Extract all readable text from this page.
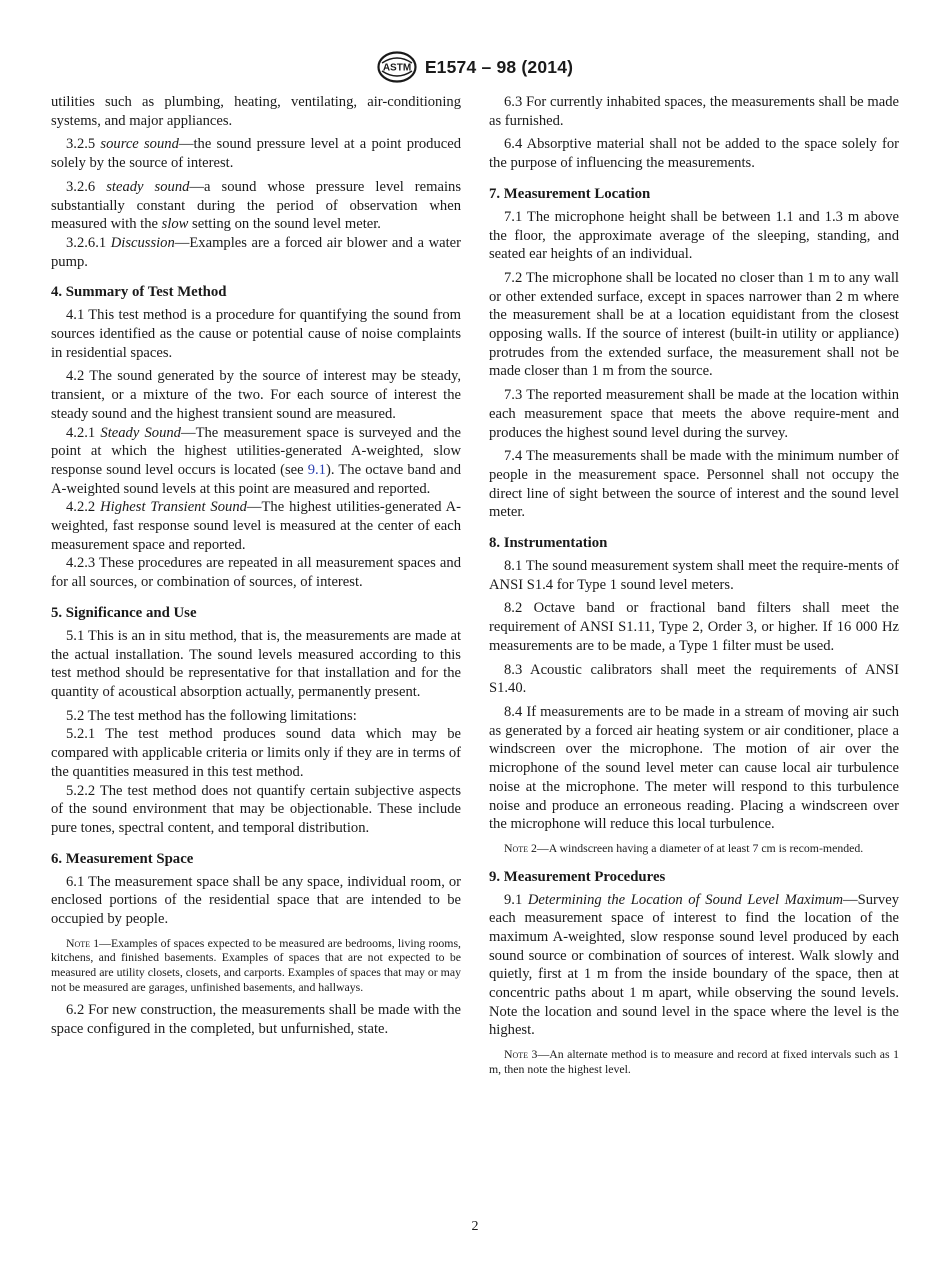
ASTM E1574 – 98 (2014)

utilities such as plumbing, heating, ventilating, air-conditioning systems, and major appliances.

3.2.5 source sound—the sound pressure level at a point produced solely by the source of interest.

3.2.6 steady sound—a sound whose pressure level remains substantially constant during the period of observation when measured with the slow setting on the sound level meter.

3.2.6.1 Discussion—Examples are a forced air blower and a water pump.

4. Summary of Test Method

4.1 This test method is a procedure for quantifying the sound from sources identified as the cause or potential cause of noise complaints in residential spaces.

4.2 The sound generated by the source of interest may be steady, transient, or a mixture of the two. For each source of interest the steady sound and the highest transient sound are measured.

4.2.1 Steady Sound—The measurement space is surveyed and the point at which the highest utilities-generated A-weighted, slow response sound level occurs is located (see 9.1). The octave band and A-weighted sound levels at this point are measured and reported.

4.2.2 Highest Transient Sound—The highest utilities-generated A-weighted, fast response sound level is measured at the center of each measurement space and reported.

4.2.3 These procedures are repeated in all measurement spaces and for all sources, or combination of sources, of interest.

5. Significance and Use

5.1 This is an in situ method, that is, the measurements are made at the actual installation. The sound levels measured according to this test method should be representative for that installation and for the quantity of acoustical absorption actually, permanently present.

5.2 The test method has the following limitations:

5.2.1 The test method produces sound data which may be compared with applicable criteria or limits only if they are in terms of the quantities measured in this test method.

5.2.2 The test method does not quantify certain subjective aspects of the sound environment that may be objectionable. These include pure tones, spectral content, and temporal distribution.

6. Measurement Space

6.1 The measurement space shall be any space, individual room, or enclosed portions of the residential space that are intended to be occupied by people.

Note 1—Examples of spaces expected to be measured are bedrooms, living rooms, kitchens, and finished basements. Examples of spaces that are not expected to be measured are utility closets, closets, and carports. Examples of spaces that may or may not be measured are garages, unfinished basements, and hallways.

6.2 For new construction, the measurements shall be made with the space configured in the completed, but unfurnished, state.

6.3 For currently inhabited spaces, the measurements shall be made as furnished.

6.4 Absorptive material shall not be added to the space solely for the purpose of influencing the measurements.

7. Measurement Location

7.1 The microphone height shall be between 1.1 and 1.3 m above the floor, the approximate average of the sleeping, standing, and seated ear heights of an individual.

7.2 The microphone shall be located no closer than 1 m to any wall or other extended surface, except in spaces narrower than 2 m where the measurement shall be at a location equidistant from the closest opposing walls. If the source of interest (built-in utility or appliance) protrudes from the extended surface, the measurement shall not be made closer than 1 m from the source.

7.3 The reported measurement shall be made at the location within each measurement space that meets the above require-ment and produces the highest sound level during the survey.

7.4 The measurements shall be made with the minimum number of people in the measurement space. Personnel shall not occupy the direct line of sight between the source of interest and the sound level meter.

8. Instrumentation

8.1 The sound measurement system shall meet the require-ments of ANSI S1.4 for Type 1 sound level meters.

8.2 Octave band or fractional band filters shall meet the requirement of ANSI S1.11, Type 2, Order 3, or higher. If 16 000 Hz measurements are to be made, a Type 1 filter must be used.

8.3 Acoustic calibrators shall meet the requirements of ANSI S1.40.

8.4 If measurements are to be made in a stream of moving air such as generated by a forced air heating system or air conditioner, place a windscreen over the microphone. The motion of air over the microphone of the sound level meter can cause local air turbulence noise at the microphone. The meter will respond to this turbulence noise and produce an erroneous reading. Placing a windscreen over the microphone will reduce this local turbulence.

Note 2—A windscreen having a diameter of at least 7 cm is recom-mended.

9. Measurement Procedures

9.1 Determining the Location of Sound Level Maximum—Survey each measurement space of interest to find the location of the maximum A-weighted, slow response sound level produced by each sound source or combination of sources of interest. Walk slowly and quietly, first at 1 m from the inside boundary of the space, then at concentric paths about 1 m apart, while observing the sound levels. Note the location and sound level in the space where the level is the highest.

Note 3—An alternate method is to measure and record at fixed intervals such as 1 m, then note the highest level.

2
